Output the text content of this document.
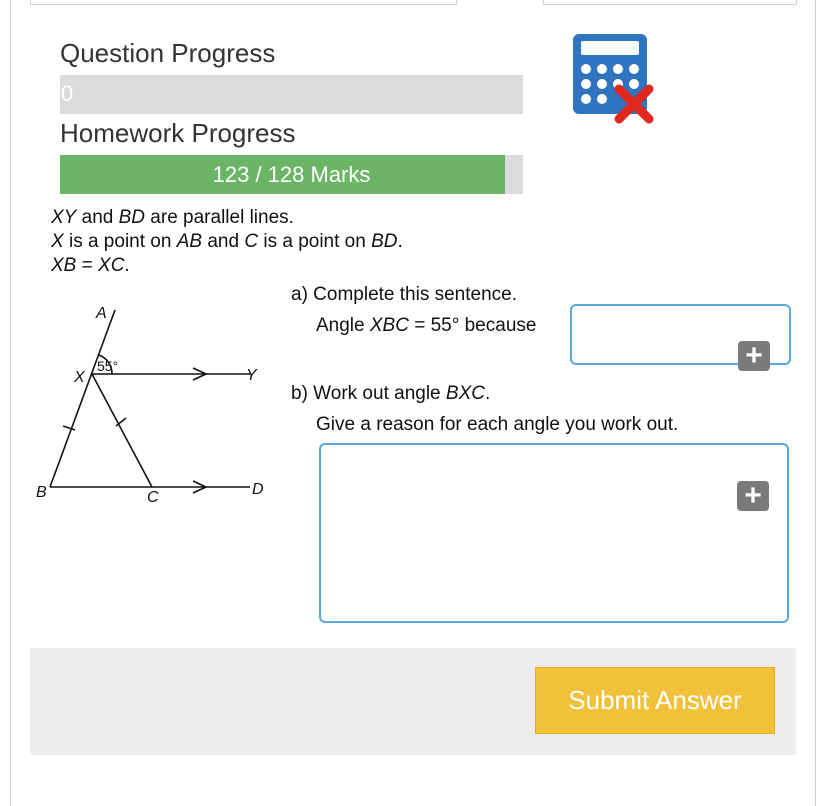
Question Progress
0
Homework Progress
123 / 128 Marks
XY and BD are parallel lines.
X is a point on AB and C is a point on BD.
XB = XC.
A
X	Y
B	C	D
55°
a) Complete this sentence.
Angle XBC = 55° because
+
b) Work out angle BXC.
Give a reason for each angle you work out.
+
Submit Answer
